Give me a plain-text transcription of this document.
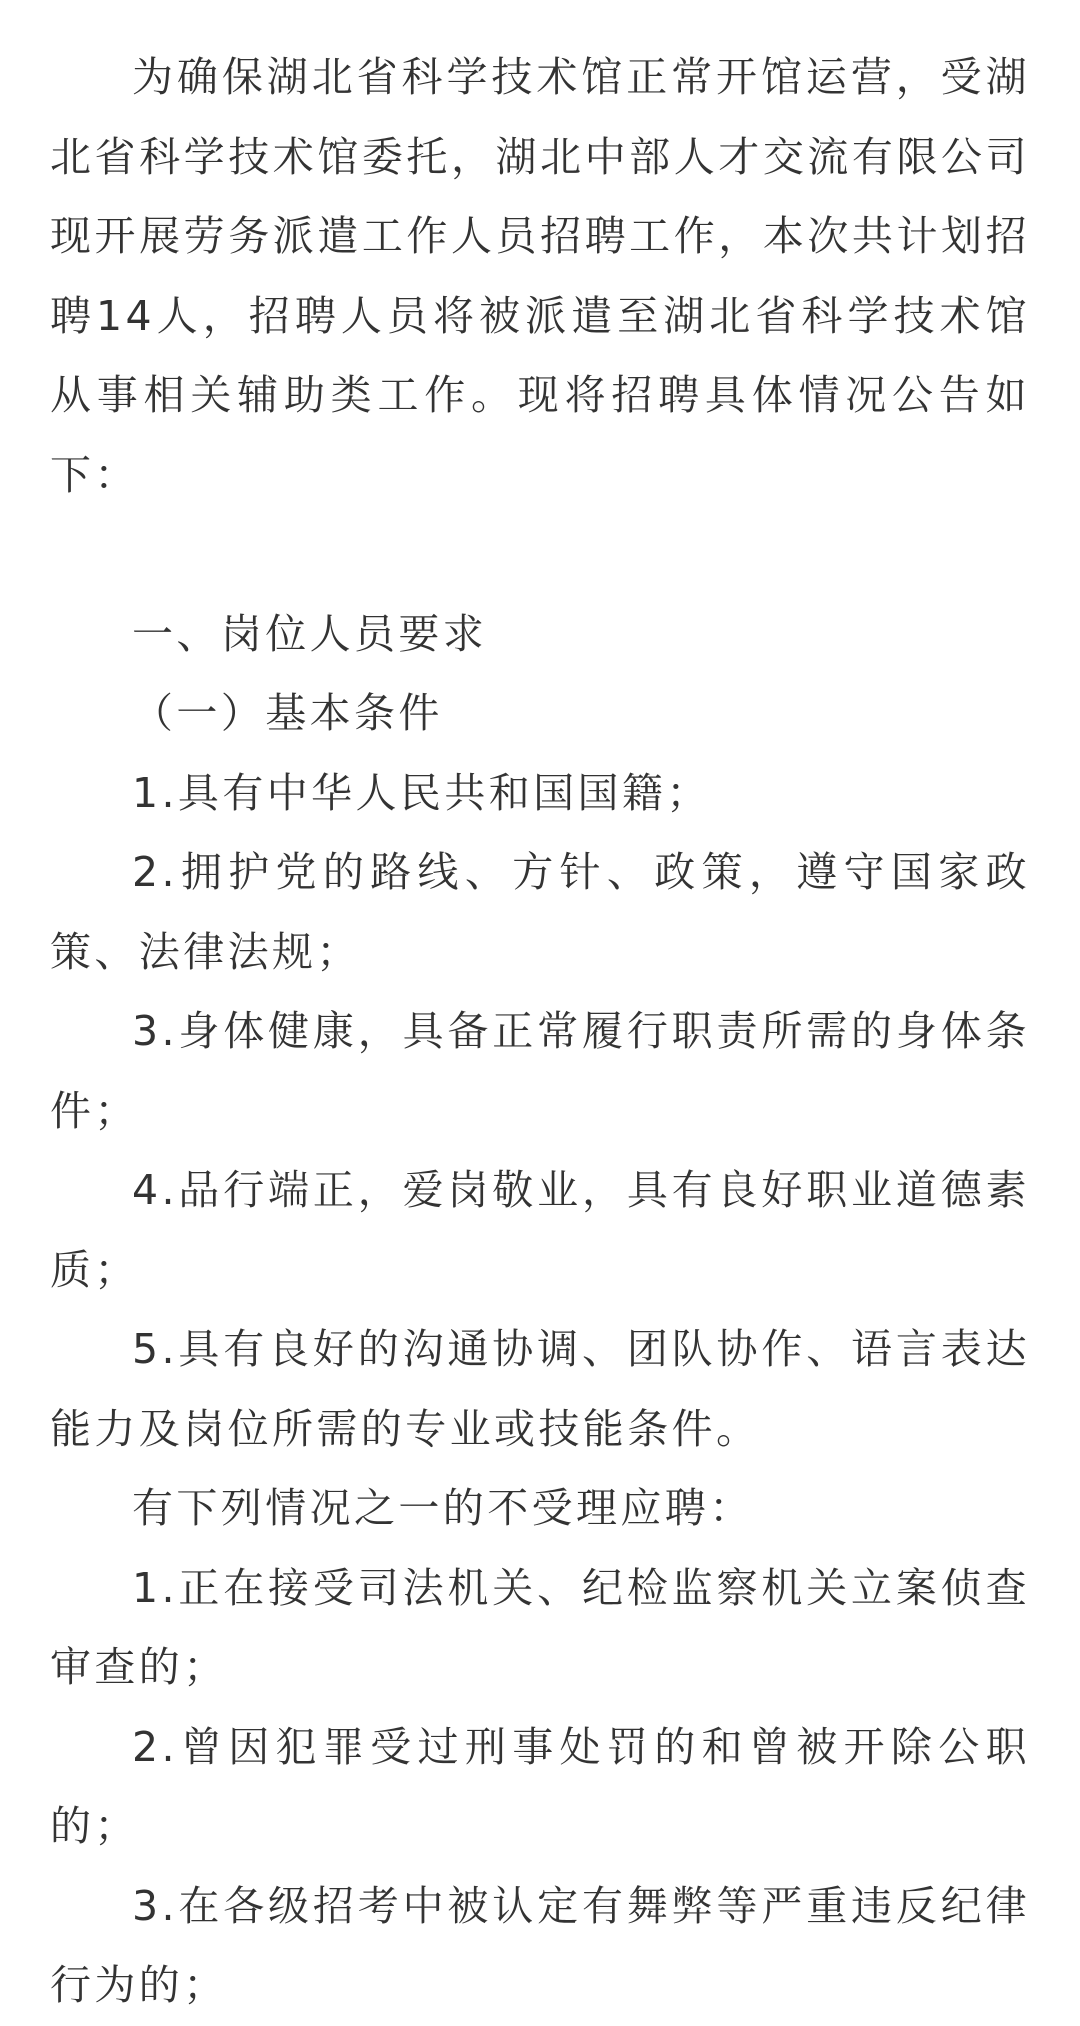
为确保湖北省科学技术馆正常开馆运营，受湖北省科学技术馆委托，湖北中部人才交流有限公司现开展劳务派遣工作人员招聘工作，本次共计划招聘14人，招聘人员将被派遣至湖北省科学技术馆从事相关辅助类工作。现将招聘具体情况公告如下：

一、岗位人员要求

（一）基本条件

1.具有中华人民共和国国籍；

2.拥护党的路线、方针、政策，遵守国家政策、法律法规；

3.身体健康，具备正常履行职责所需的身体条件；

4.品行端正，爱岗敬业，具有良好职业道德素质；

5.具有良好的沟通协调、团队协作、语言表达能力及岗位所需的专业或技能条件。

有下列情况之一的不受理应聘：

1.正在接受司法机关、纪检监察机关立案侦查审查的；

2.曾因犯罪受过刑事处罚的和曾被开除公职的；

3.在各级招考中被认定有舞弊等严重违反纪律行为的；
